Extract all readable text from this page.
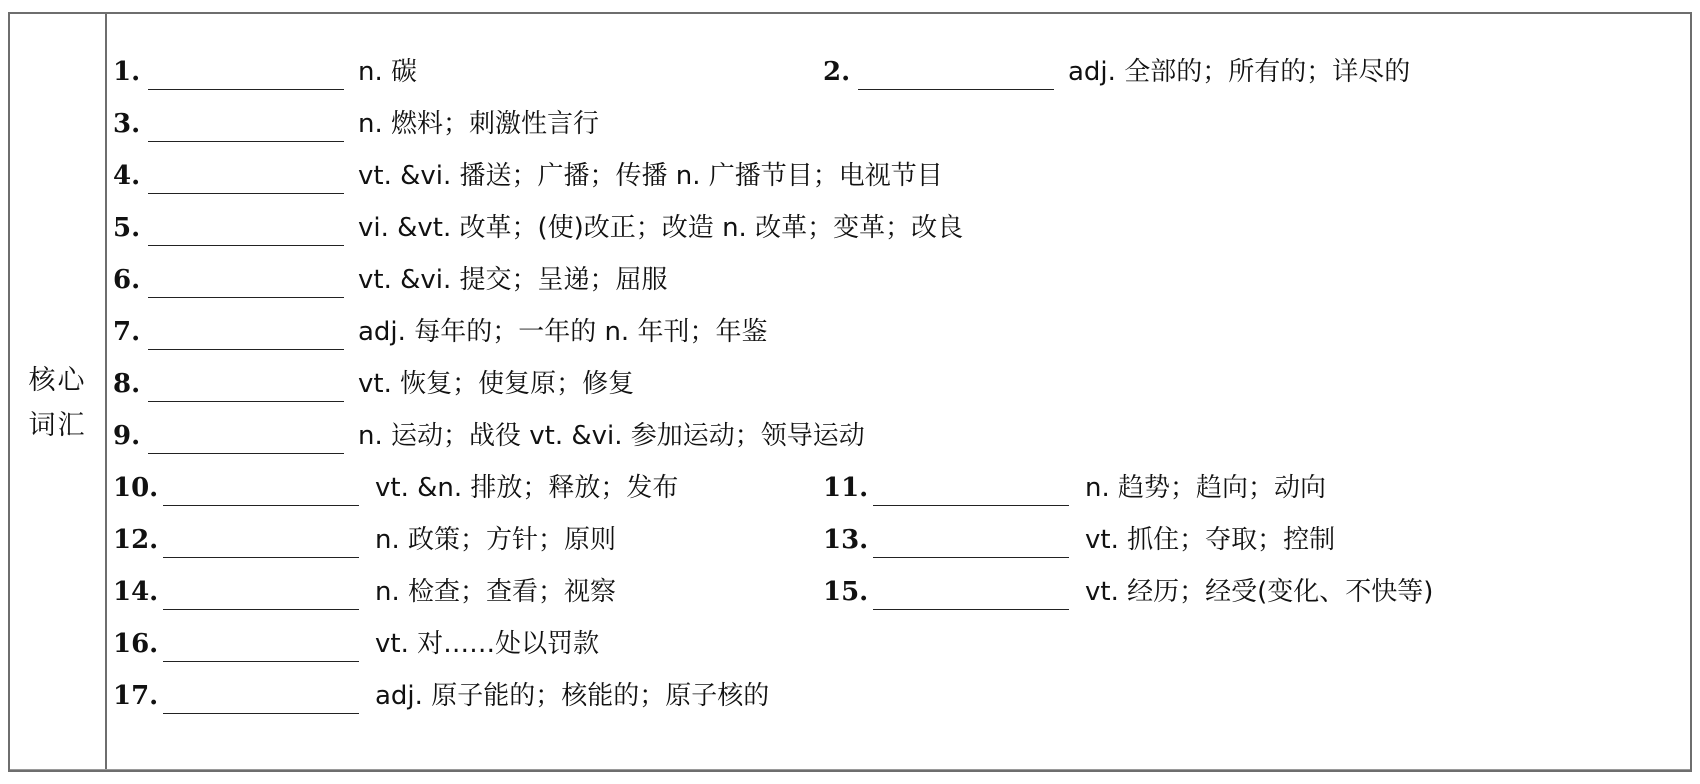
核心
词汇
1.	n. 碳	2.	adj. 全部的；所有的；详尽的
3.	n. 燃料；刺激性言行
4.	vt. &vi. 播送；广播；传播 n. 广播节目；电视节目
5.	vi. &vt. 改革；(使)改正；改造 n. 改革；变革；改良
6.	vt. &vi. 提交；呈递；屈服
7.	adj. 每年的；一年的 n. 年刊；年鉴
8.	vt. 恢复；使复原；修复
9.	n. 运动；战役 vt. &vi. 参加运动；领导运动
10.	vt. &n. 排放；释放；发布	11.	n. 趋势；趋向；动向
12.	n. 政策；方针；原则	13.	vt. 抓住；夺取；控制
14.	n. 检查；查看；视察	15.	vt. 经历；经受(变化、不快等)
16.	vt. 对……处以罚款
17.	adj. 原子能的；核能的；原子核的
